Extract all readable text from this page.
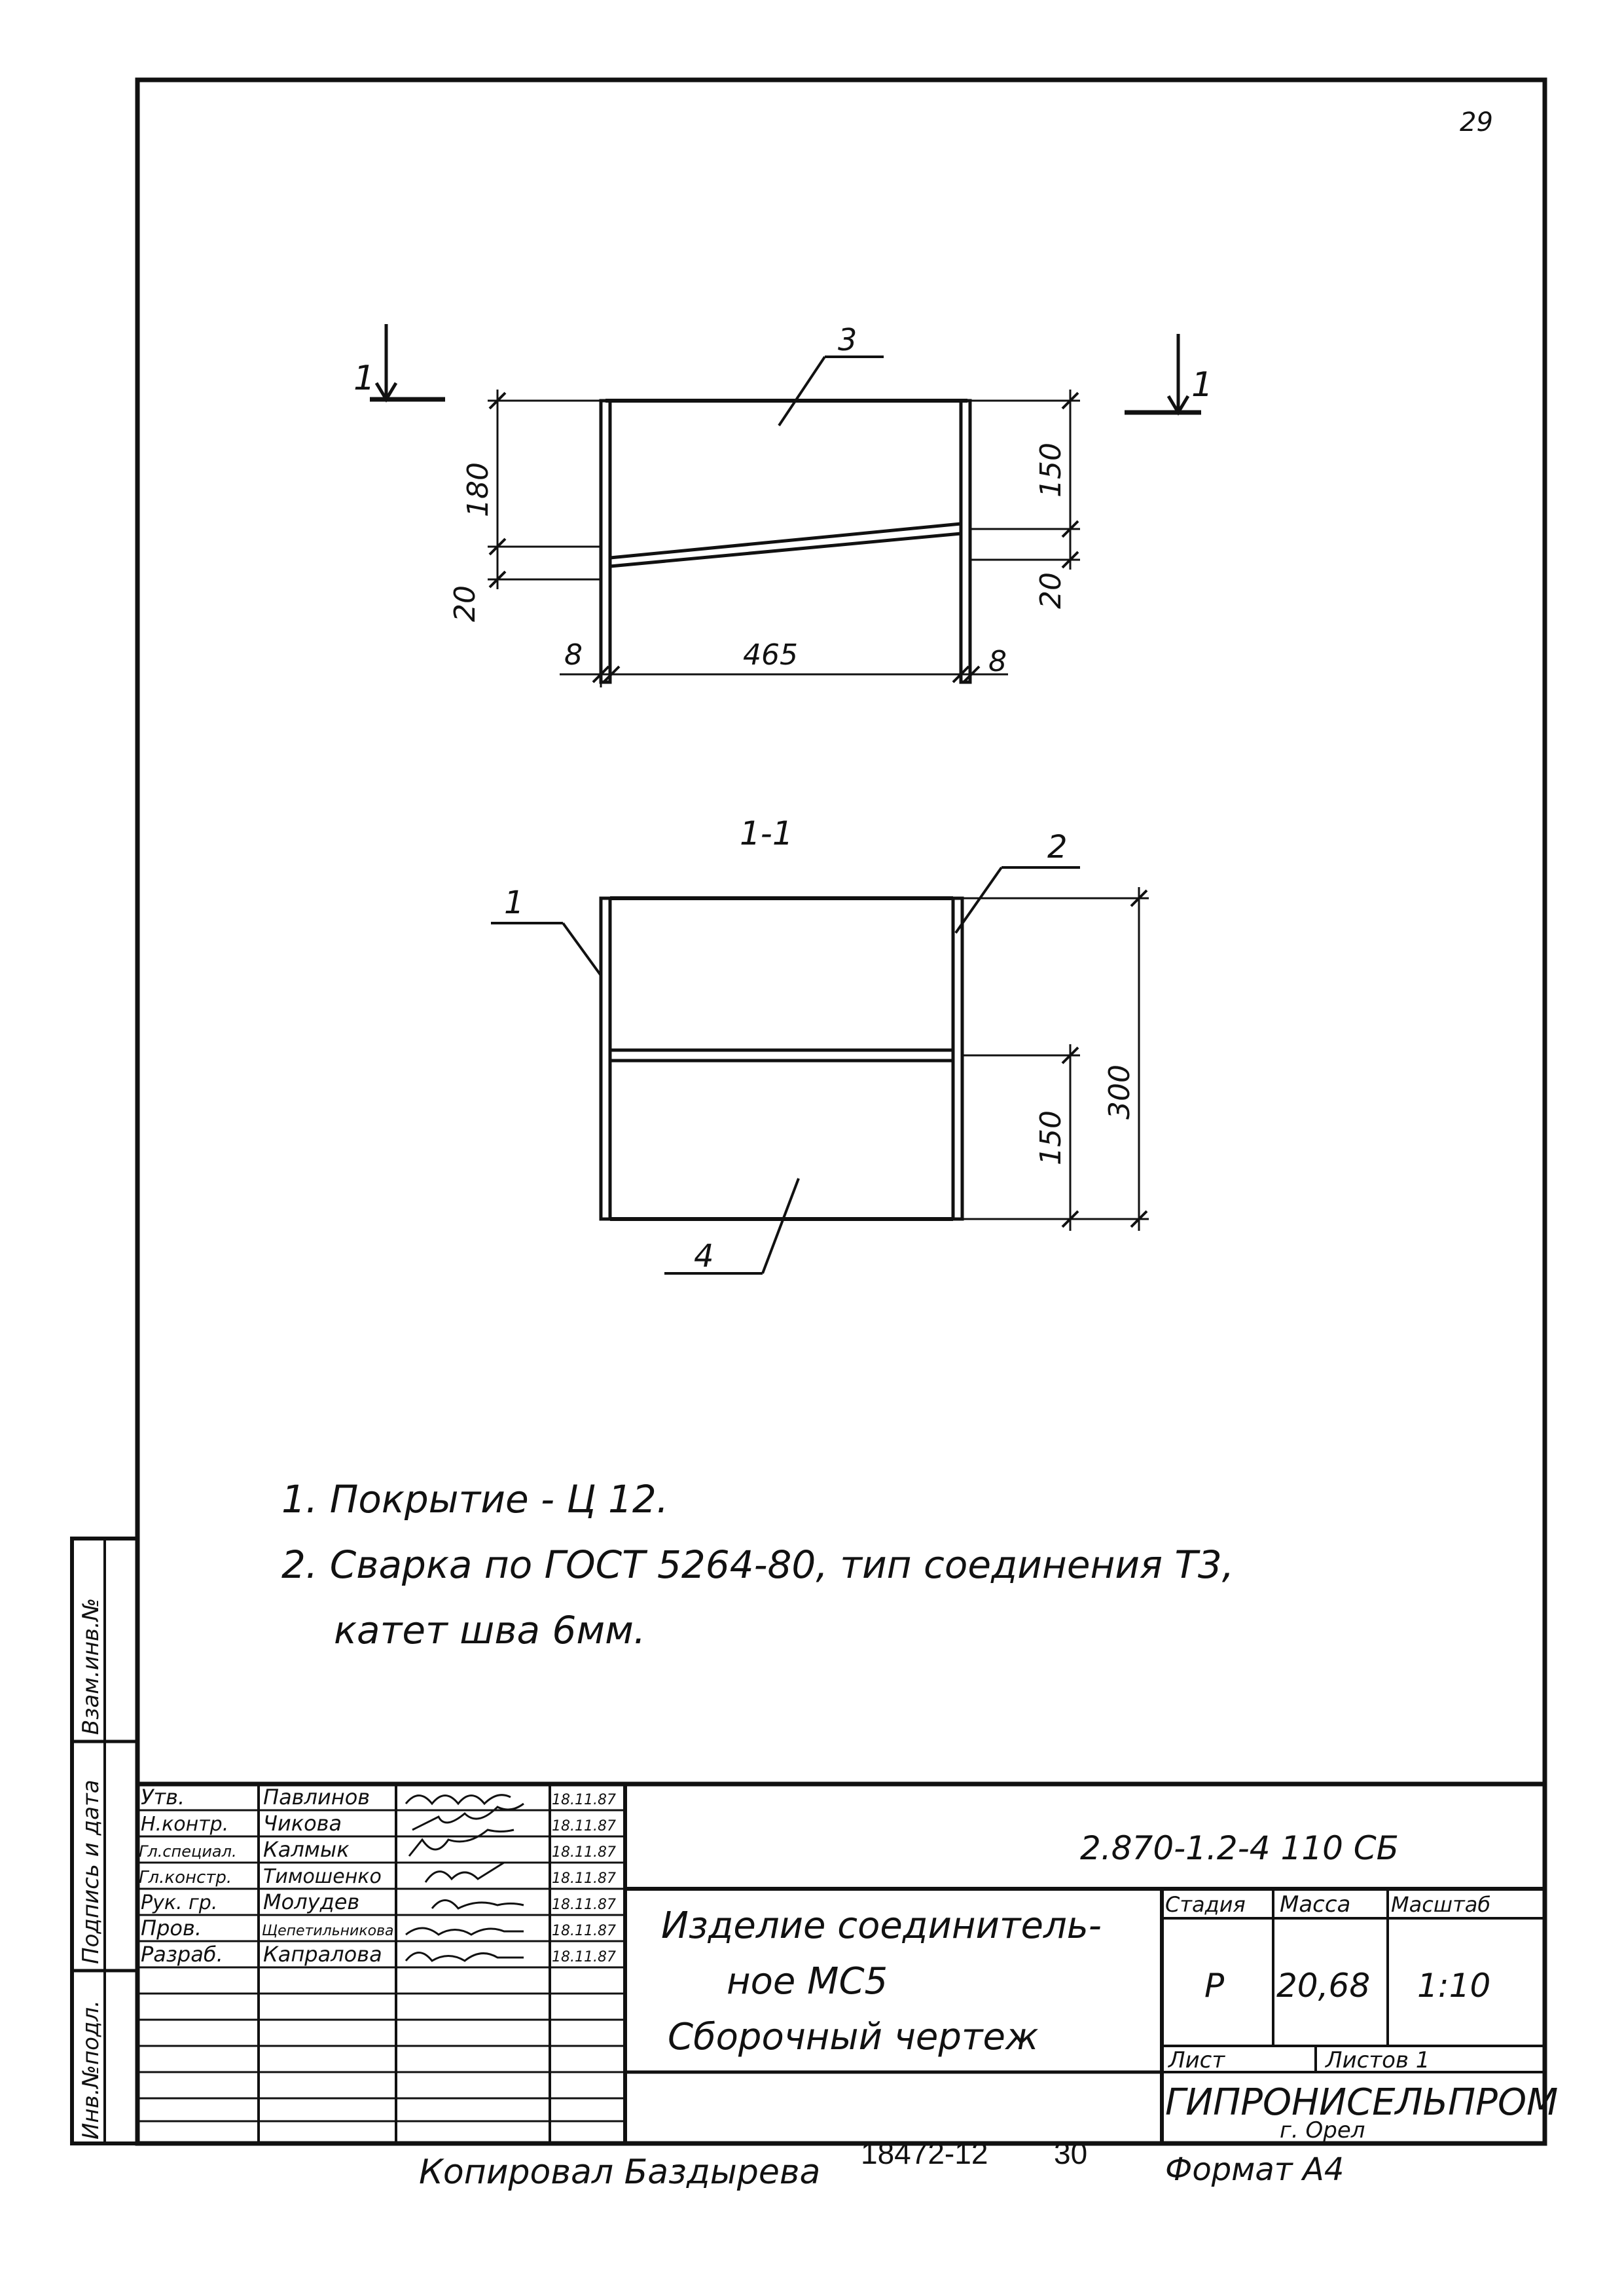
Взам.инв.№
Подпись и дата
Инв.№подл.
29
1	1
3
180
20
150
20
8	465	8
1-1
1
2
4
300
150
1. Покрытие - Ц 12.
2. Сварка по ГОСТ 5264-80, тип соединения Т3,
катет шва 6мм.
Утв.	Павлинов	18.11.87
Н.контр. Чикова	18.11.87
Гл.специал. Калмык	18.11.87
Гл.констр. Тимошенко	18.11.87
Рук. гр. Молудев	18.11.87
Пров.	Щепетильникова	18.11.87
Разраб. Капралова	18.11.87
2.870-1.2-4 110 СБ
Изделие соединитель-
ное МС5
Сборочный чертеж
Стадия Масса Масштаб
Р 20,68 1:10
Лист	Листов 1
ГИПРОНИСЕЛЬПРОМ
г. Орел
Копировал Баздырева 18472-12 30 Формат А4
